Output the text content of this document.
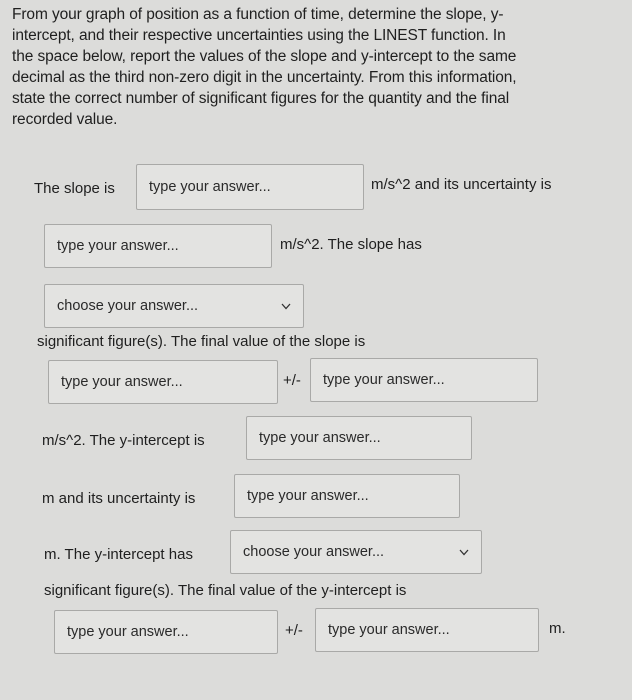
From your graph of position as a function of time, determine the slope, y-
intercept, and their respective uncertainties using the LINEST function. In
the space below, report the values of the slope and y-intercept to the same
decimal as the third non-zero digit in the uncertainty. From this information,
state the correct number of significant figures for the quantity and the final
recorded value.
The slope is	type your answer...	m/s^2 and its uncertainty is
type your answer...	m/s^2. The slope has
choose your answer...
significant figure(s). The final value of the slope is
type your answer...	+/-	type your answer...
m/s^2. The y-intercept is	type your answer...
m and its uncertainty is	type your answer...
m. The y-intercept has	choose your answer...
significant figure(s). The final value of the y-intercept is
type your answer...	+/-	type your answer...	m.
